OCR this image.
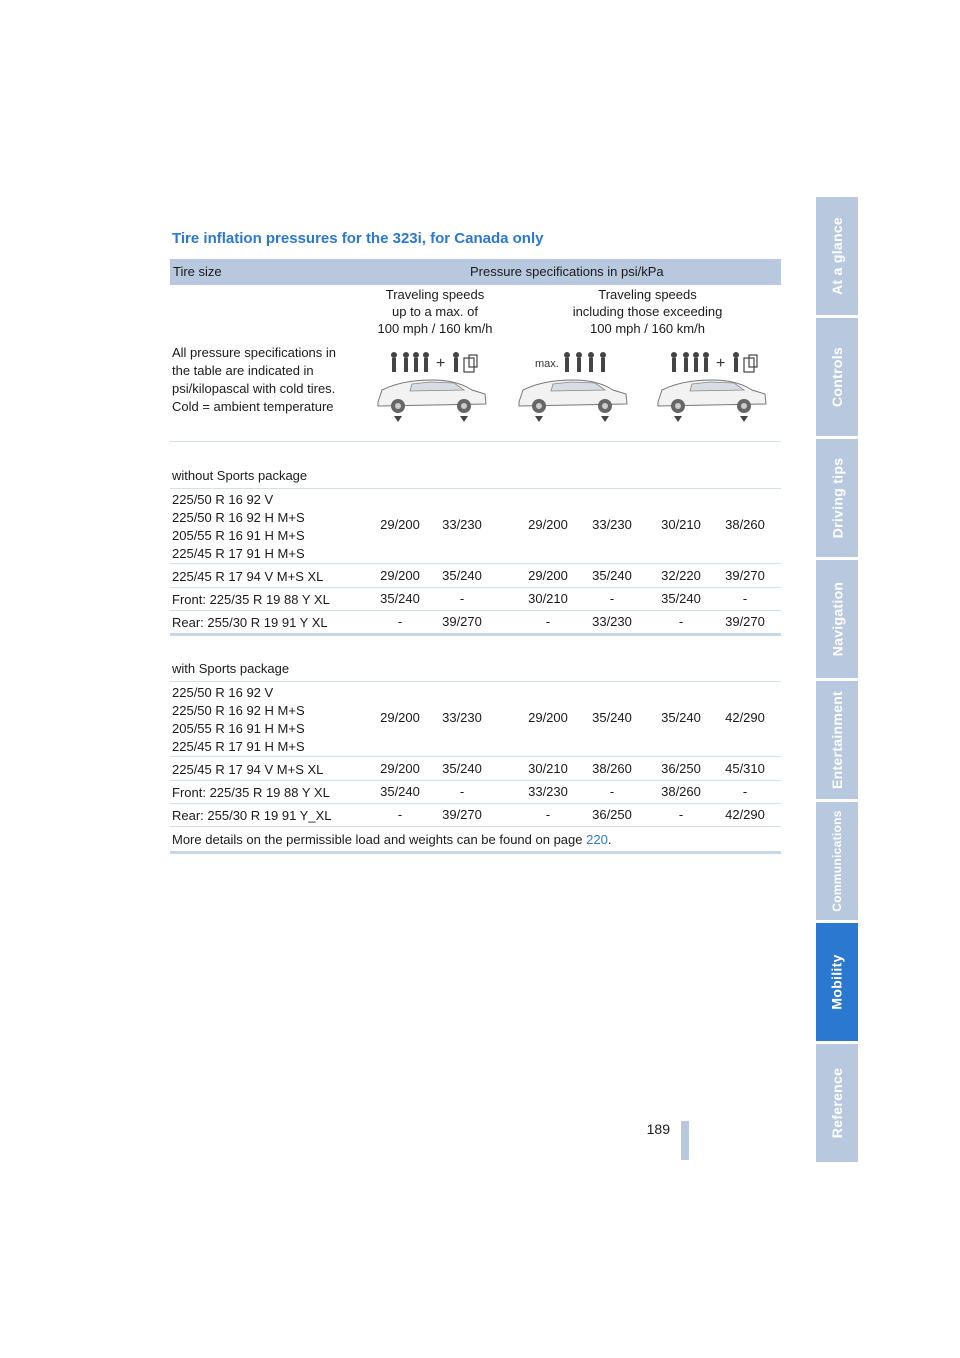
At a glance
Controls
Driving tips
Navigation
Entertainment
Communications
Mobility
Reference
Tire inflation pressures for the 323i, for Canada only
Tire size	Pressure specifications in psi/kPa
Traveling speeds
up to a max. of
100 mph / 160 km/h
Traveling speeds
including those exceeding
100 mph / 160 km/h
All pressure specifications in
the table are indicated in
psi/kilopascal with cold tires.
Cold = ambient temperature
+	max.	+
without Sports package
225/50 R 16 92 V
225/50 R 16 92 H M+S
205/55 R 16 91 H M+S
225/45 R 17 91 H M+S
29/200	33/230	29/200	33/230	30/210	38/260
225/45 R 17 94 V M+S XL	29/200	35/240	29/200	35/240	32/220	39/270
Front: 225/35 R 19 88 Y XL	35/240	-	30/210	-	35/240	-
Rear: 255/30 R 19 91 Y XL	-	39/270	-	33/230	-	39/270
with Sports package
225/50 R 16 92 V
225/50 R 16 92 H M+S
205/55 R 16 91 H M+S
225/45 R 17 91 H M+S
29/200	33/230	29/200	35/240	35/240	42/290
225/45 R 17 94 V M+S XL	29/200	35/240	30/210	38/260	36/250	45/310
Front: 225/35 R 19 88 Y XL	35/240	-	33/230	-	38/260	-
Rear: 255/30 R 19 91 Y_XL	-	39/270	-	36/250	-	42/290
More details on the permissible load and weights can be found on page 220.
189
